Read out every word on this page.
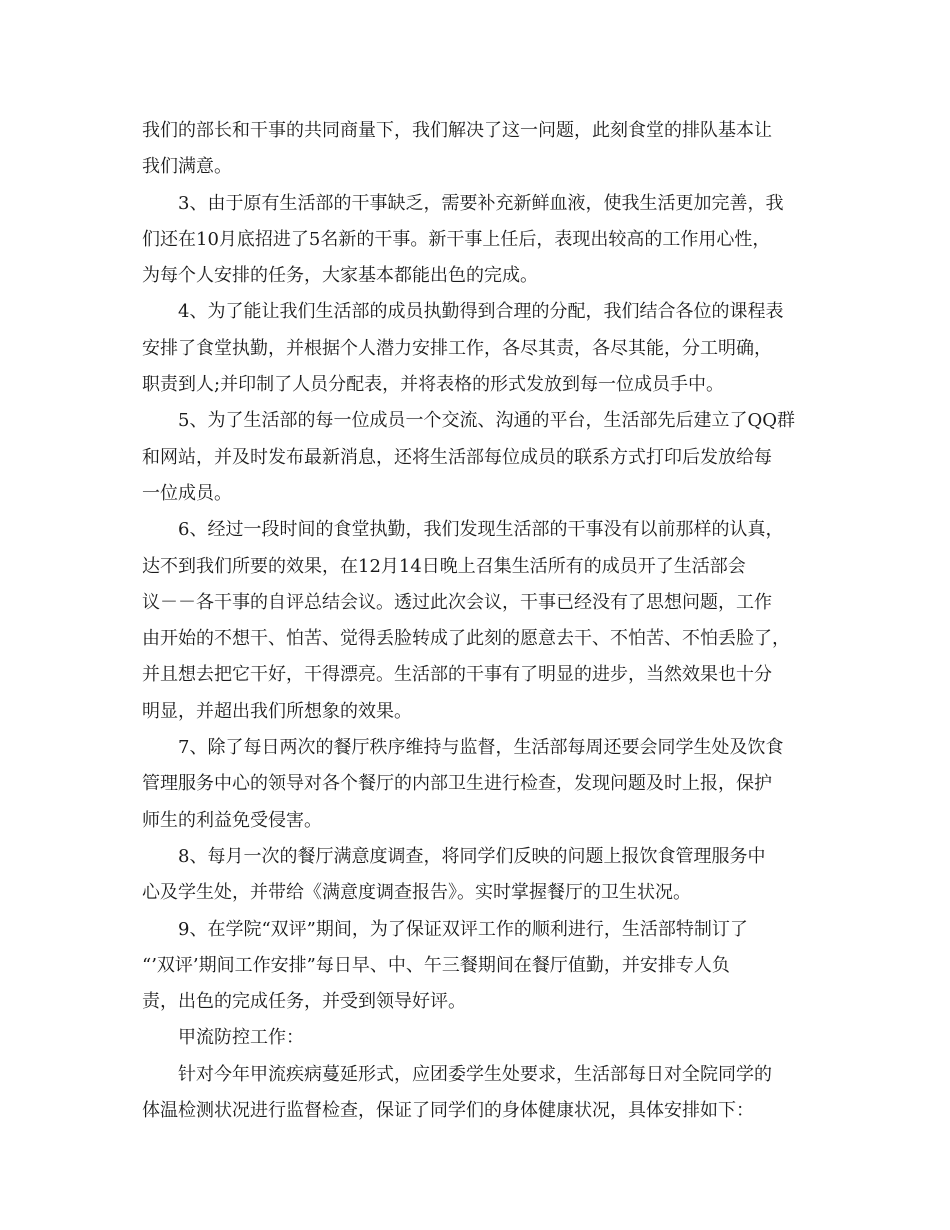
我们的部长和干事的共同商量下，我们解决了这一问题，此刻食堂的排队基本让
我们满意。
3、由于原有生活部的干事缺乏，需要补充新鲜血液，使我生活更加完善，我
们还在10月底招进了5名新的干事。新干事上任后，表现出较高的工作用心性，
为每个人安排的任务，大家基本都能出色的完成。
4、为了能让我们生活部的成员执勤得到合理的分配，我们结合各位的课程表
安排了食堂执勤，并根据个人潜力安排工作，各尽其责，各尽其能，分工明确，
职责到人;并印制了人员分配表，并将表格的形式发放到每一位成员手中。
5、为了生活部的每一位成员一个交流、沟通的平台，生活部先后建立了QQ群
和网站，并及时发布最新消息，还将生活部每位成员的联系方式打印后发放给每
一位成员。
6、经过一段时间的食堂执勤，我们发现生活部的干事没有以前那样的认真，
达不到我们所要的效果，在12月14日晚上召集生活所有的成员开了生活部会
议－－各干事的自评总结会议。透过此次会议，干事已经没有了思想问题，工作
由开始的不想干、怕苦、觉得丢脸转成了此刻的愿意去干、不怕苦、不怕丢脸了，
并且想去把它干好，干得漂亮。生活部的干事有了明显的进步，当然效果也十分
明显，并超出我们所想象的效果。
7、除了每日两次的餐厅秩序维持与监督，生活部每周还要会同学生处及饮食
管理服务中心的领导对各个餐厅的内部卫生进行检查，发现问题及时上报，保护
师生的利益免受侵害。
8、每月一次的餐厅满意度调查，将同学们反映的问题上报饮食管理服务中
心及学生处，并带给《满意度调查报告》。实时掌握餐厅的卫生状况。
9、在学院“双评”期间，为了保证双评工作的顺利进行，生活部特制订了
“’双评’期间工作安排”每日早、中、午三餐期间在餐厅值勤，并安排专人负
责，出色的完成任务，并受到领导好评。
甲流防控工作：
针对今年甲流疾病蔓延形式，应团委学生处要求，生活部每日对全院同学的
体温检测状况进行监督检查，保证了同学们的身体健康状况，具体安排如下：
